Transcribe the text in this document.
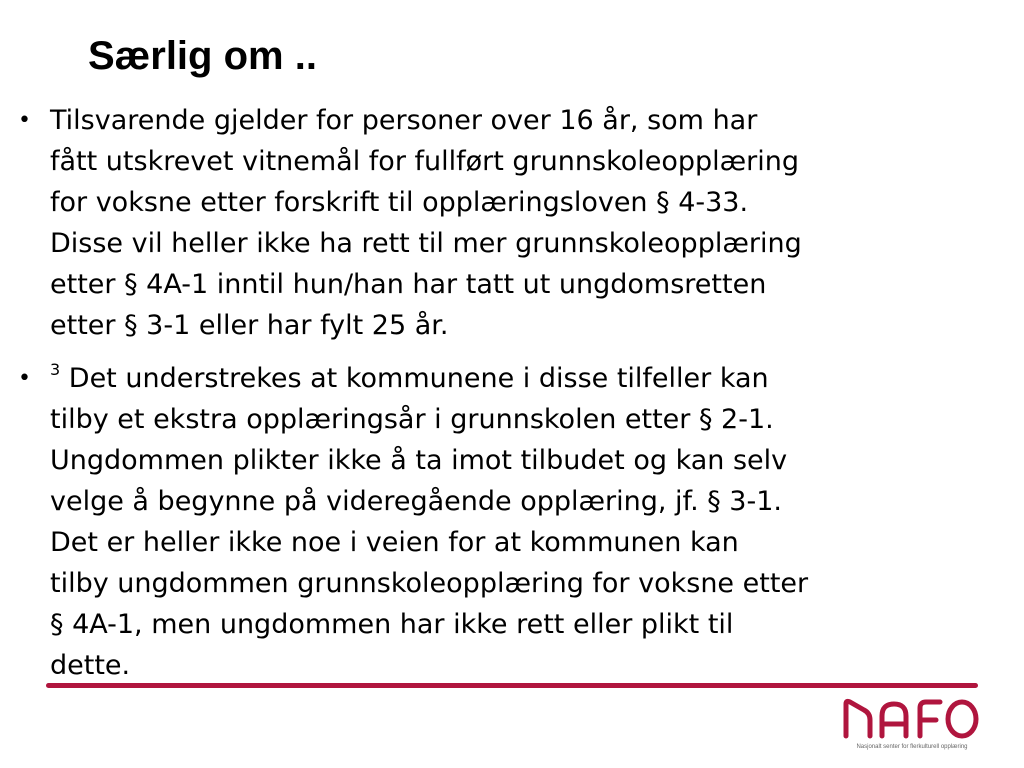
Særlig om ..
• Tilsvarende gjelder for personer over 16 år, som har
fått utskrevet vitnemål for fullført grunnskoleopplæring
for voksne etter forskrift til opplæringsloven § 4-33.
Disse vil heller ikke ha rett til mer grunnskoleopplæring
etter § 4A-1 inntil hun/han har tatt ut ungdomsretten
etter § 3-1 eller har fylt 25 år.
• $^3$ Det understrekes at kommunene i disse tilfeller kan
tilby et ekstra opplæringsår i grunnskolen etter § 2-1.
Ungdommen plikter ikke å ta imot tilbudet og kan selv
velge å begynne på videregående opplæring, jf. § 3-1.
Det er heller ikke noe i veien for at kommunen kan
tilby ungdommen grunnskoleopplæring for voksne etter
§ 4A-1, men ungdommen har ikke rett eller plikt til
dette.
Nasjonalt senter for flerkulturell opplæring
